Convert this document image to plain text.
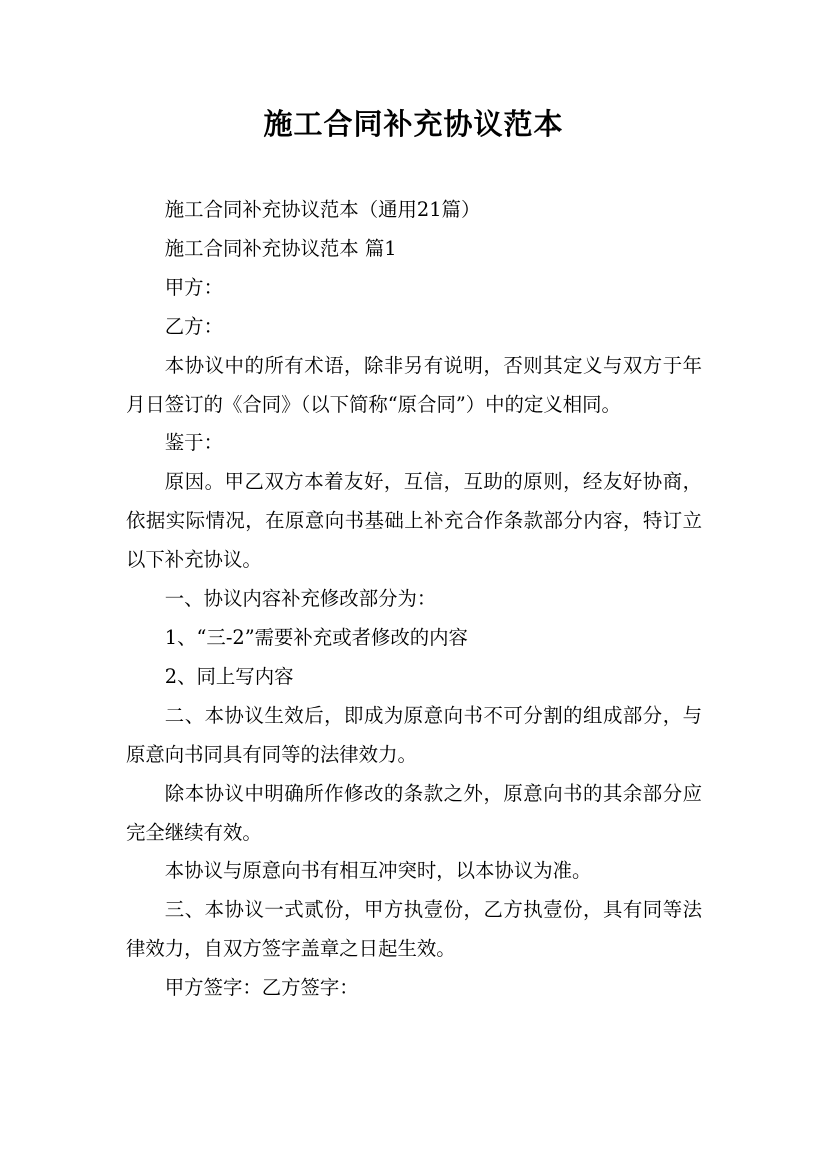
施工合同补充协议范本

施工合同补充协议范本（通用21篇）

施工合同补充协议范本 篇1

甲方：

乙方：

本协议中的所有术语，除非另有说明，否则其定义与双方于年月日签订的《合同》（以下简称“原合同”）中的定义相同。

鉴于：

原因。甲乙双方本着友好，互信，互助的原则，经友好协商，依据实际情况，在原意向书基础上补充合作条款部分内容，特订立以下补充协议。

一、协议内容补充修改部分为：

1、“三-2”需要补充或者修改的内容

2、同上写内容

二、本协议生效后，即成为原意向书不可分割的组成部分，与原意向书同具有同等的法律效力。

除本协议中明确所作修改的条款之外，原意向书的其余部分应完全继续有效。

本协议与原意向书有相互冲突时，以本协议为准。

三、本协议一式贰份，甲方执壹份，乙方执壹份，具有同等法律效力，自双方签字盖章之日起生效。

甲方签字：乙方签字：
